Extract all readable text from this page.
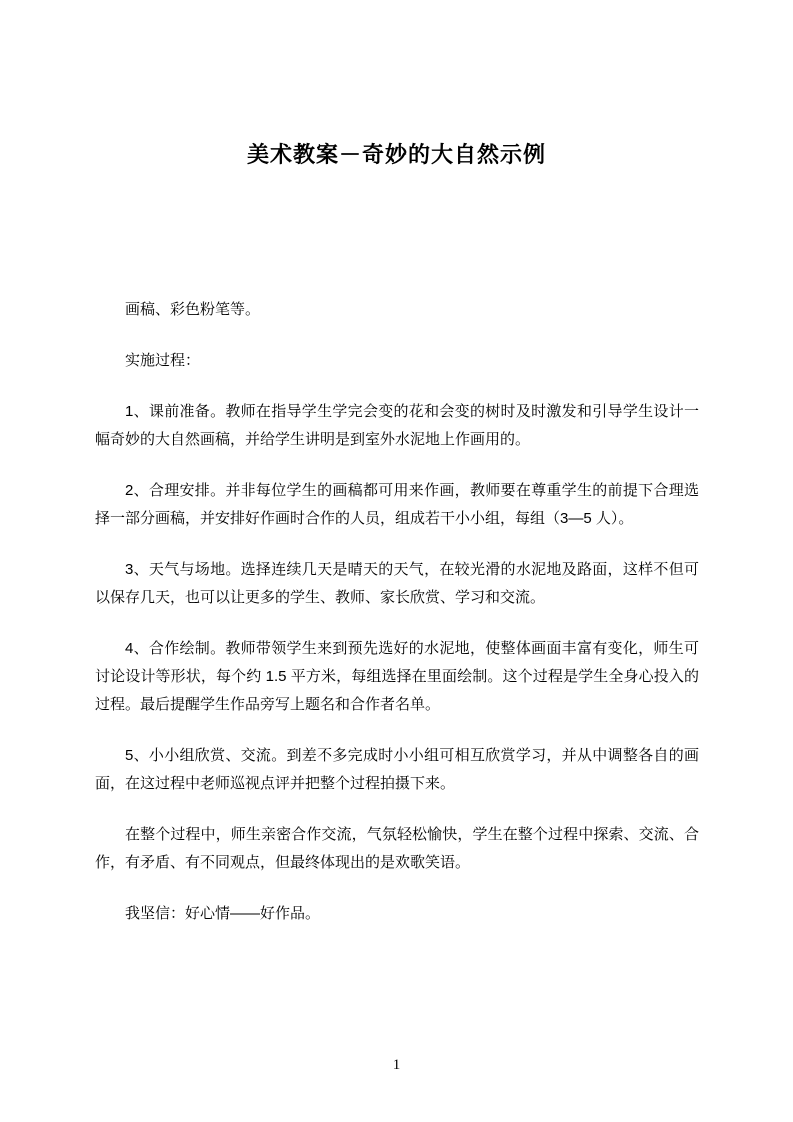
美术教案－奇妙的大自然示例

画稿、彩色粉笔等。

实施过程：

1、课前准备。教师在指导学生学完会变的花和会变的树时及时激发和引导学生设计一幅奇妙的大自然画稿，并给学生讲明是到室外水泥地上作画用的。

2、合理安排。并非每位学生的画稿都可用来作画，教师要在尊重学生的前提下合理选择一部分画稿，并安排好作画时合作的人员，组成若干小小组，每组（3—5 人）。

3、天气与场地。选择连续几天是晴天的天气，在较光滑的水泥地及路面，这样不但可以保存几天，也可以让更多的学生、教师、家长欣赏、学习和交流。

4、合作绘制。教师带领学生来到预先选好的水泥地，使整体画面丰富有变化，师生可讨论设计等形状，每个约 1.5 平方米，每组选择在里面绘制。这个过程是学生全身心投入的过程。最后提醒学生作品旁写上题名和合作者名单。

5、小小组欣赏、交流。到差不多完成时小小组可相互欣赏学习，并从中调整各自的画面，在这过程中老师巡视点评并把整个过程拍摄下来。

在整个过程中，师生亲密合作交流，气氛轻松愉快，学生在整个过程中探索、交流、合作，有矛盾、有不同观点，但最终体现出的是欢歌笑语。

我坚信：好心情——好作品。

1
